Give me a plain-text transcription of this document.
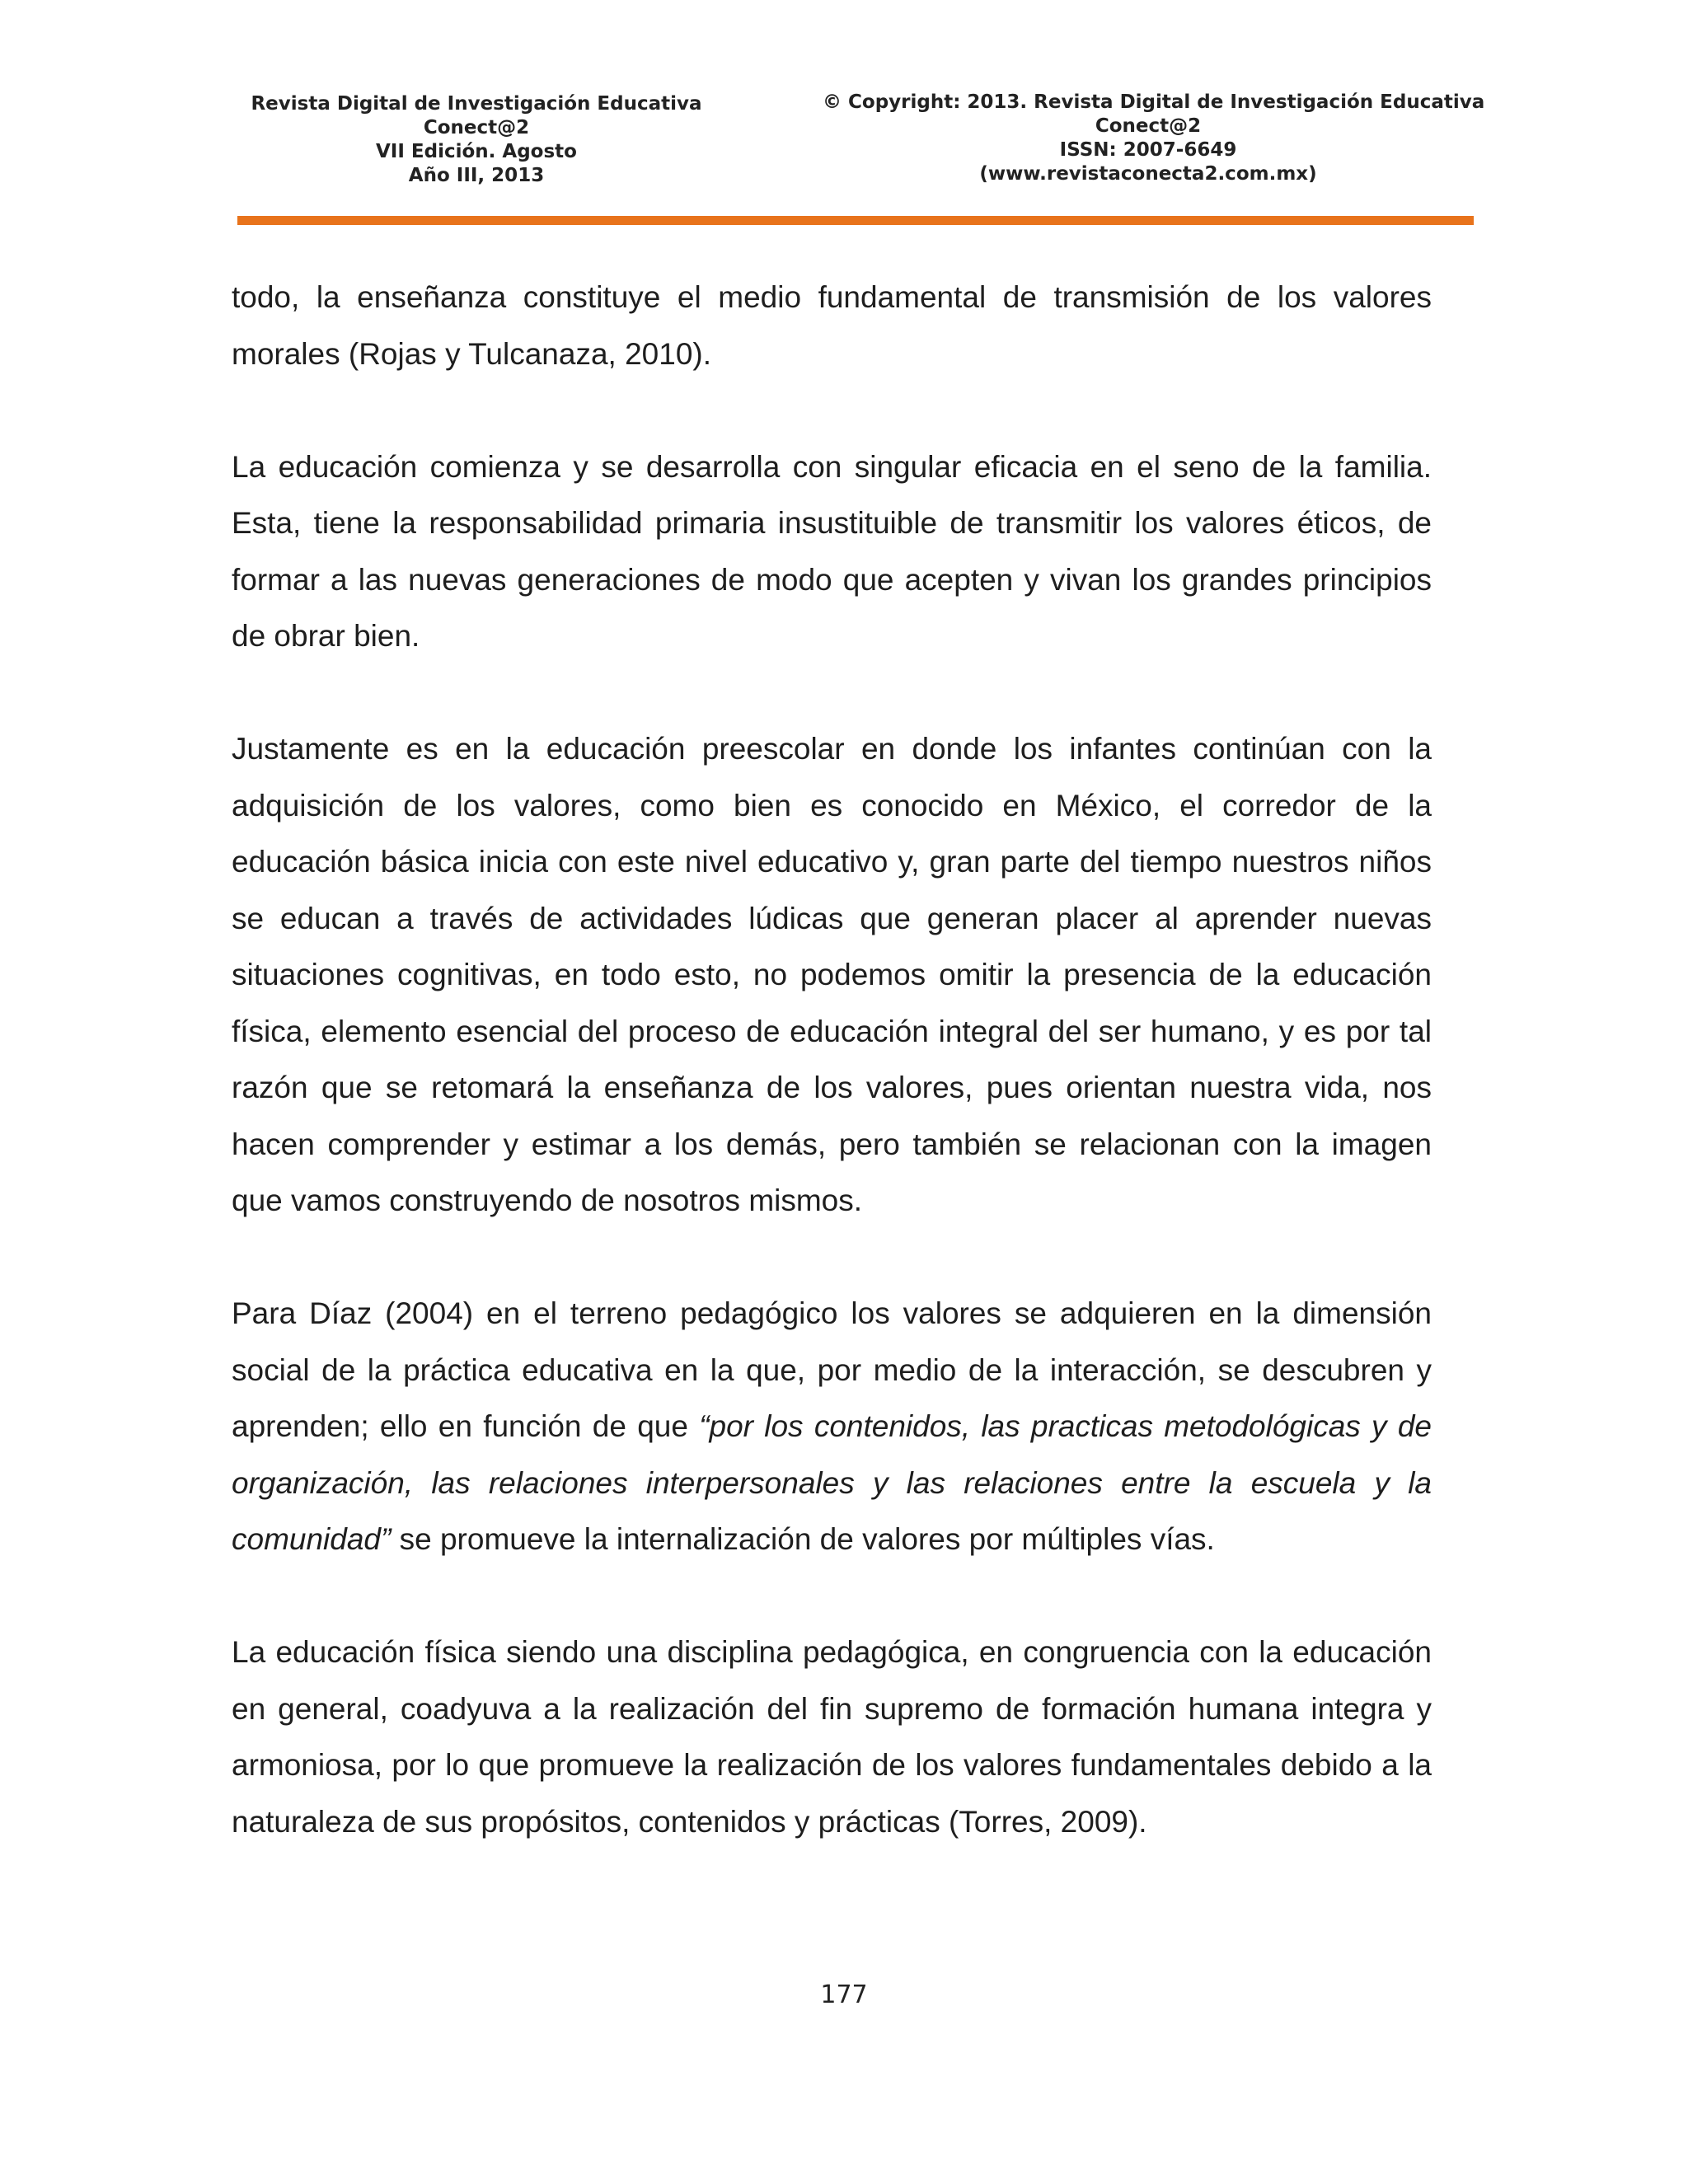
Revista Digital de Investigación Educativa
Conect@2
VII Edición. Agosto
Año III, 2013
© Copyright: 2013. Revista Digital de Investigación Educativa
Conect@2
ISSN: 2007-6649
(www.revistaconecta2.com.mx)

todo, la enseñanza constituye el medio fundamental de transmisión de los valores morales (Rojas y Tulcanaza, 2010).

La educación comienza y se desarrolla con singular eficacia en el seno de la familia. Esta, tiene la responsabilidad primaria insustituible de transmitir los valores éticos, de formar a las nuevas generaciones de modo que acepten y vivan los grandes principios de obrar bien.

Justamente es en la educación preescolar en donde los infantes continúan con la adquisición de los valores, como bien es conocido en México, el corredor de la educación básica inicia con este nivel educativo y, gran parte del tiempo nuestros niños se educan a través de actividades lúdicas que generan placer al aprender nuevas situaciones cognitivas, en todo esto, no podemos omitir la presencia de la educación física, elemento esencial del proceso de educación integral del ser humano, y es por tal razón que se retomará la enseñanza de los valores, pues orientan nuestra vida, nos hacen comprender y estimar a los demás, pero también se relacionan con la imagen que vamos construyendo de nosotros mismos.

Para Díaz (2004) en el terreno pedagógico los valores se adquieren en la dimensión social de la práctica educativa en la que, por medio de la interacción, se descubren y aprenden; ello en función de que “por los contenidos, las practicas metodológicas y de organización, las relaciones interpersonales y las relaciones entre la escuela y la comunidad” se promueve la internalización de valores por múltiples vías.

La educación física siendo una disciplina pedagógica, en congruencia con la educación en general, coadyuva a la realización del fin supremo de formación humana integra y armoniosa, por lo que promueve la realización de los valores fundamentales debido a la naturaleza de sus propósitos, contenidos y prácticas (Torres, 2009).

177
